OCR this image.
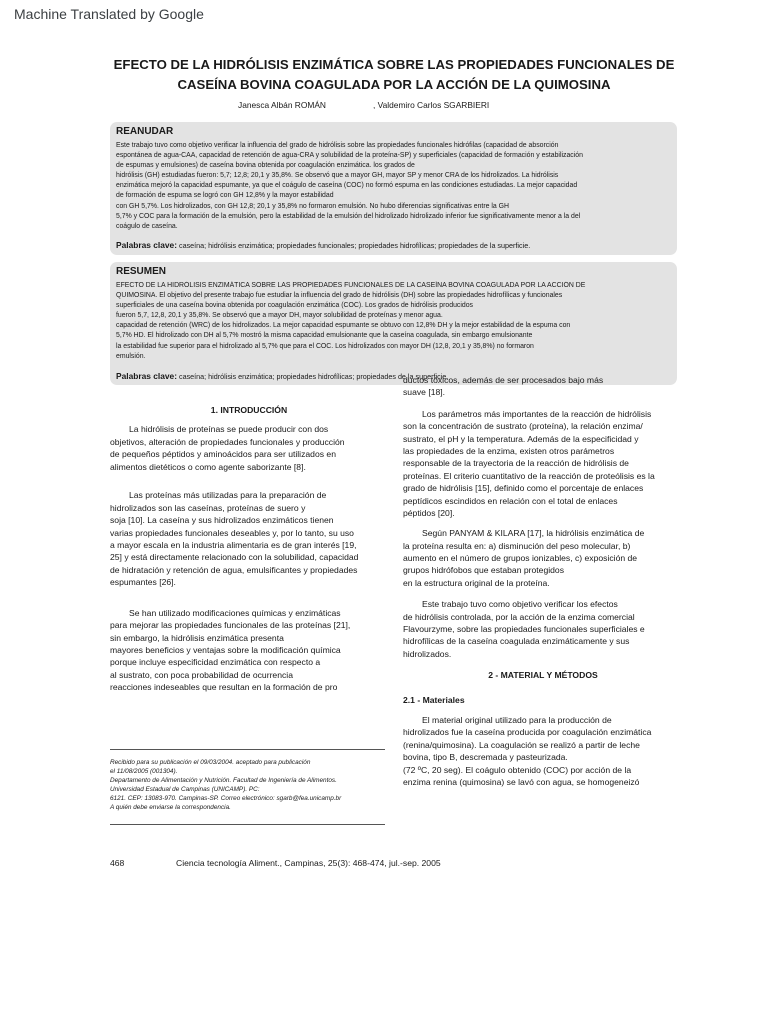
Machine Translated by Google
EFECTO DE LA HIDRÓLISIS ENZIMÁTICA SOBRE LAS PROPIEDADES FUNCIONALES DE
CASEÍNA BOVINA COAGULADA POR LA ACCIÓN DE LA QUIMOSINA
Janesca Albán ROMÁN	, Valdemiro Carlos SGARBIERI
REANUDAR
Este trabajo tuvo como objetivo verificar la influencia del grado de hidrólisis sobre las propiedades funcionales hidrófilas (capacidad de absorción
espontánea de agua-CAA, capacidad de retención de agua-CRA y solubilidad de la proteína-SP) y superficiales (capacidad de formación y estabilización
de espumas y emulsiones) de caseína bovina obtenida por coagulación enzimática. los grados de
hidrólisis (GH) estudiadas fueron: 5,7; 12,8; 20,1 y 35,8%. Se observó que a mayor GH, mayor SP y menor CRA de los hidrolizados. La hidrólisis
enzimática mejoró la capacidad espumante, ya que el coágulo de caseína (COC) no formó espuma en las condiciones estudiadas. La mejor capacidad
de formación de espuma se logró con GH 12,8% y la mayor estabilidad
con GH 5,7%. Los hidrolizados, con GH 12,8; 20,1 y 35,8% no formaron emulsión. No hubo diferencias significativas entre la GH
5,7% y COC para la formación de la emulsión, pero la estabilidad de la emulsión del hidrolizado hidrolizado inferior fue significativamente menor a la del
coágulo de caseína.
Palabras clave: caseína; hidrólisis enzimática; propiedades funcionales; propiedades hidrofílicas; propiedades de la superficie.
RESUMEN
EFECTO DE LA HIDRÓLISIS ENZIMÁTICA SOBRE LAS PROPIEDADES FUNCIONALES DE LA CASEÍNA BOVINA COAGULADA POR LA ACCIÓN DE
QUIMOSINA. El objetivo del presente trabajo fue estudiar la influencia del grado de hidrólisis (DH) sobre las propiedades hidrofílicas y funcionales
superficiales de una caseína bovina obtenida por coagulación enzimática (COC). Los grados de hidrólisis producidos
fueron 5,7, 12,8, 20,1 y 35,8%. Se observó que a mayor DH, mayor solubilidad de proteínas y menor agua.
capacidad de retención (WRC) de los hidrolizados. La mejor capacidad espumante se obtuvo con 12,8% DH y la mejor estabilidad de la espuma con
5,7% HD. El hidrolizado con DH al 5,7% mostró la misma capacidad emulsionante que la caseína coagulada, sin embargo emulsionante
la estabilidad fue superior para el hidrolizado al 5,7% que para el COC. Los hidrolizados con mayor DH (12,8, 20,1 y 35,8%) no formaron
emulsión.
Palabras clave: caseína; hidrólisis enzimática; propiedades hidrofílicas; propiedades de la superficie.
1. INTRODUCCIÓN
La hidrólisis de proteínas se puede producir con dos
objetivos, alteración de propiedades funcionales y producción
de pequeños péptidos y aminoácidos para ser utilizados en
alimentos dietéticos o como agente saborizante [8].
Las proteínas más utilizadas para la preparación de
hidrolizados son las caseínas, proteínas de suero y
soja [10]. La caseína y sus hidrolizados enzimáticos tienen
varias propiedades funcionales deseables y, por lo tanto, su uso
a mayor escala en la industria alimentaria es de gran interés [19,
25] y está directamente relacionado con la solubilidad, capacidad
de hidratación y retención de agua, emulsificantes y propiedades
espumantes [26].
Se han utilizado modificaciones químicas y enzimáticas
para mejorar las propiedades funcionales de las proteínas [21],
sin embargo, la hidrólisis enzimática presenta
mayores beneficios y ventajas sobre la modificación química
porque incluye especificidad enzimática con respecto a
al sustrato, con poca probabilidad de ocurrencia
reacciones indeseables que resultan en la formación de pro
Recibido para su publicación el 09/03/2004. aceptado para publicación
el 11/08/2005 (001304).
Departamento de Alimentación y Nutrición. Facultad de Ingeniería de Alimentos.
Universidad Estadual de Campinas (UNICAMP). PC:
6121. CEP: 13083-970. Campinas-SP. Correo electrónico: sgarb@fea.unicamp.br
A quién debe enviarse la correspondencia.
ductos tóxicos, además de ser procesados bajo más
suave [18].
Los parámetros más importantes de la reacción de hidrólisis
son la concentración de sustrato (proteína), la relación enzima/
sustrato, el pH y la temperatura. Además de la especificidad y
las propiedades de la enzima, existen otros parámetros
responsable de la trayectoria de la reacción de hidrólisis de
proteínas. El criterio cuantitativo de la reacción de proteólisis es la
grado de hidrólisis [15], definido como el porcentaje de enlaces
peptídicos escindidos en relación con el total de enlaces
péptidos [20].
Según PANYAM & KILARA [17], la hidrólisis enzimática de
la proteína resulta en: a) disminución del peso molecular, b)
aumento en el número de grupos ionizables, c) exposición de
grupos hidrófobos que estaban protegidos
en la estructura original de la proteína.
Este trabajo tuvo como objetivo verificar los efectos
de hidrólisis controlada, por la acción de la enzima comercial
Flavourzyme, sobre las propiedades funcionales superficiales e
hidrofílicas de la caseína coagulada enzimáticamente y sus
hidrolizados.
2 - MATERIAL Y MÉTODOS
2.1 - Materiales
El material original utilizado para la producción de
hidrolizados fue la caseína producida por coagulación enzimática
(renina/quimosina). La coagulación se realizó a partir de leche
bovina, tipo B, descremada y pasteurizada.
(72 ºC, 20 seg). El coágulo obtenido (COC) por acción de la
enzima renina (quimosina) se lavó con agua, se homogeneizó
468	Ciencia tecnología Aliment., Campinas, 25(3): 468-474, jul.-sep. 2005
